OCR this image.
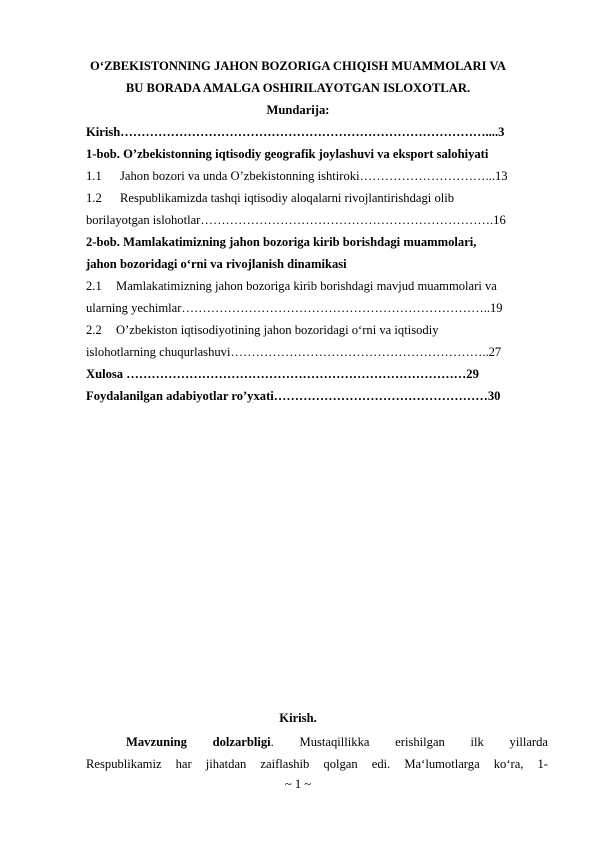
O‘ZBEKISTONNING JAHON BOZORIGA CHIQISH MUAMMOLARI VA
BU BORADA AMALGA OSHIRILAYOTGAN ISLOXOTLAR.
Mundarija:
Kirish……………………………………………………………………………....3
1-bob. O’zbekistonning iqtisodiy geografik joylashuvi va eksport salohiyati
1.1 Jahon bozori va unda O’zbekistonning ishtiroki…………………………...13
1.2 Respublikamizda tashqi iqtisodiy aloqalarni rivojlantirishdagi olib
borilayotgan islohotlar…………………………………………………………….16
2-bob. Mamlakatimizning jahon bozoriga kirib borishdagi muammolari,
jahon bozoridagi o‘rni va rivojlanish dinamikasi
2.1 Mamlakatimizning jahon bozoriga kirib borishdagi mavjud muammolari va
ularning yechimlar………………………………………………………………..19
2.2 O’zbekiston iqtisodiyotining jahon bozoridagi o‘rni va iqtisodiy
islohotlarning chuqurlashuvi……………………………………………………..27
Xulosa ………………………………………………………………………29
Foydalanilgan adabiyotlar ro’yxati……………………………………………30
Kirish.
Mavzuning dolzarbligi. Mustaqillikka erishilgan ilk yillarda
Respublikamiz har jihatdan zaiflashib qolgan edi. Ma‘lumotlarga ko‘ra, 1-
~ 1 ~
